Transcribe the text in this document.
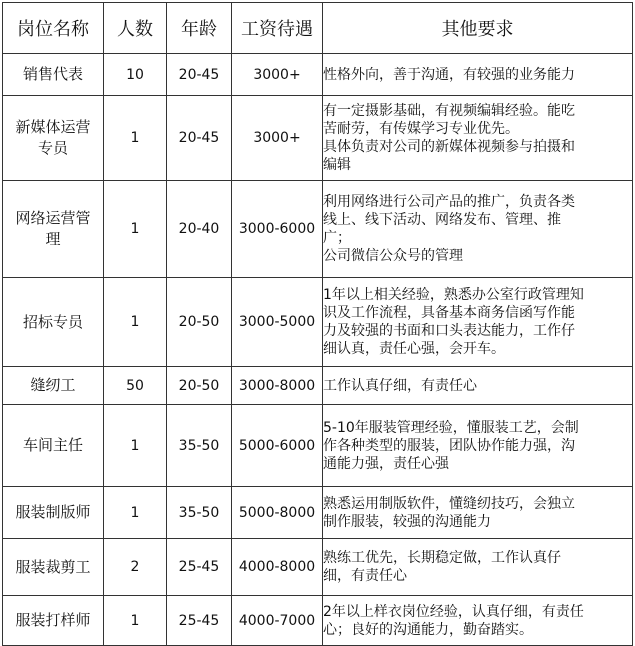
岗位名称	人数	年龄	工资待遇	其他要求

销售代表	10	20-45	3000+	性格外向，善于沟通，有较强的业务能力

新媒体运营
专员	1	20-45	3000+	有一定摄影基础，有视频编辑经验。能吃
苦耐劳，有传媒学习专业优先。
具体负责对公司的新媒体视频参与拍摄和
编辑

网络运营管
理	1	20-40	3000-6000	利用网络进行公司产品的推广，负责各类
线上、线下活动、网络发布、管理、推
广；
公司微信公众号的管理

招标专员	1	20-50	3000-5000	1年以上相关经验，熟悉办公室行政管理知
识及工作流程，具备基本商务信函写作能
力及较强的书面和口头表达能力，工作仔
细认真，责任心强，会开车。

缝纫工	50	20-50	3000-8000	工作认真仔细，有责任心

车间主任	1	35-50	5000-6000	5-10年服装管理经验，懂服装工艺，会制
作各种类型的服装，团队协作能力强，沟
通能力强，责任心强

服装制版师	1	35-50	5000-8000	熟悉运用制版软件，懂缝纫技巧，会独立
制作服装，较强的沟通能力

服装裁剪工	2	25-45	4000-8000	熟练工优先，长期稳定做，工作认真仔
细，有责任心

服装打样师	1	25-45	4000-7000	2年以上样衣岗位经验，认真仔细，有责任
心；良好的沟通能力，勤奋踏实。
